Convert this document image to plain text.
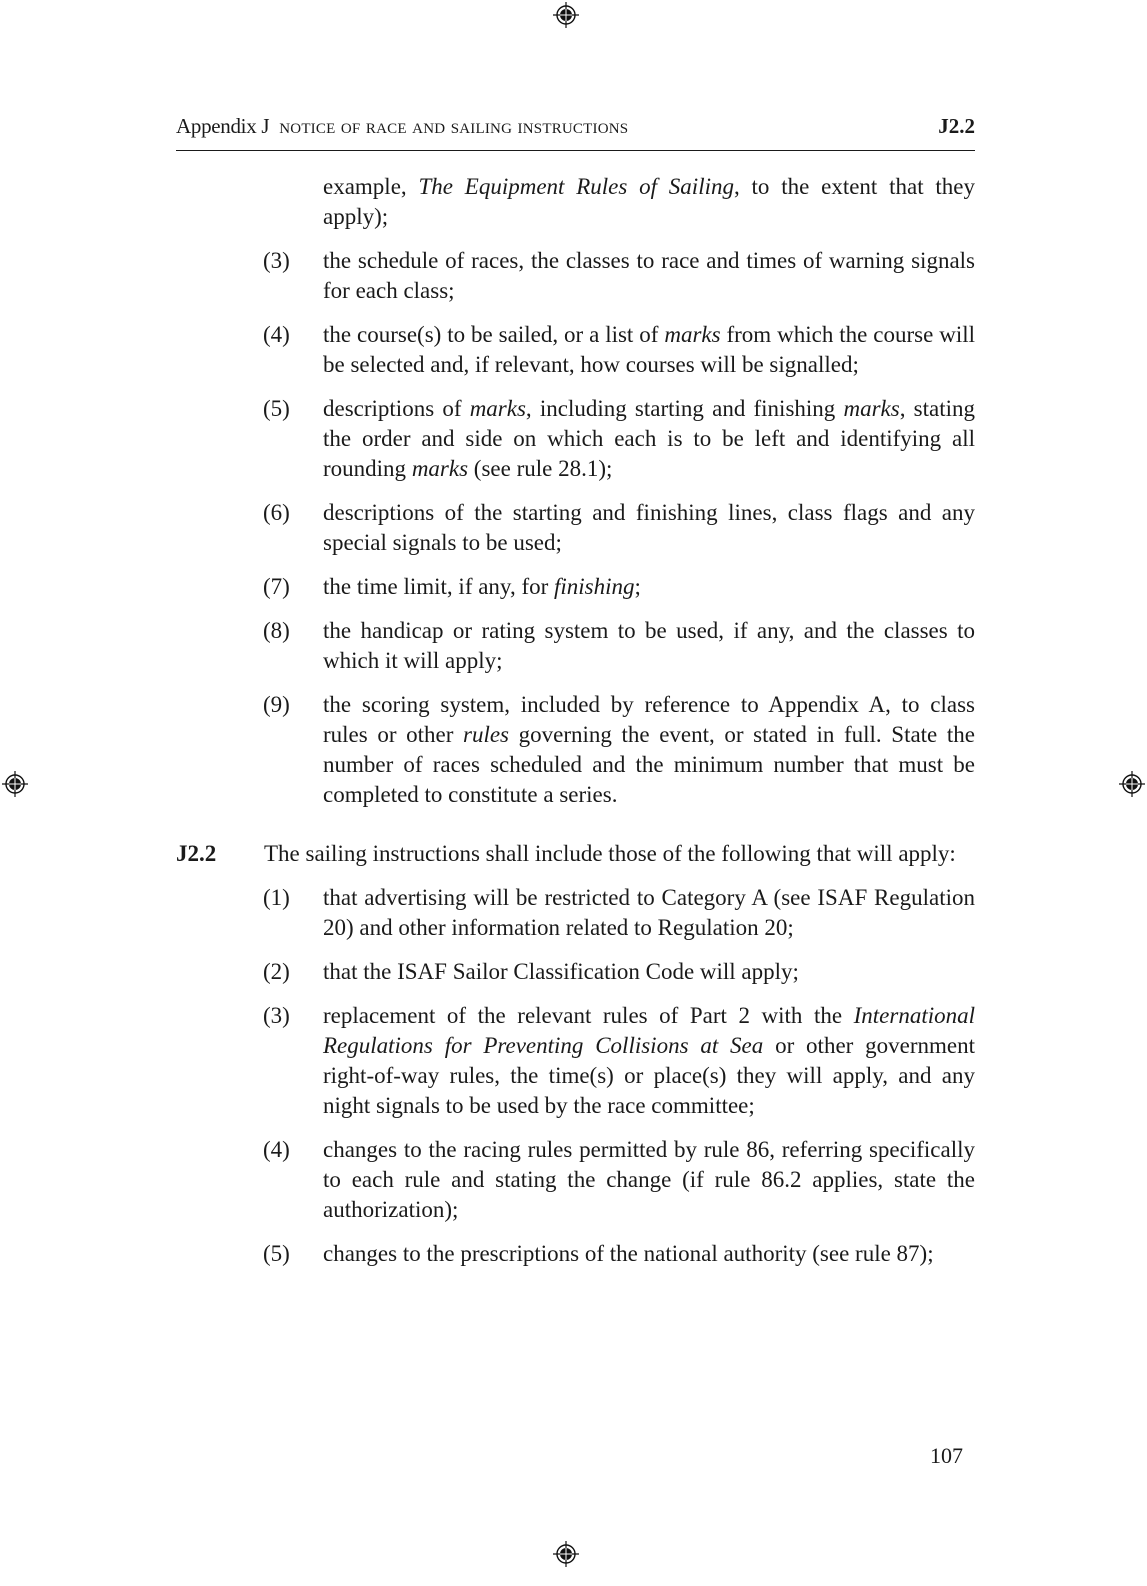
Appendix J notice of race and sailing instructions	J2.2
example, The Equipment Rules of Sailing, to the extent that they apply);
(3) the schedule of races, the classes to race and times of warning signals for each class;
(4) the course(s) to be sailed, or a list of marks from which the course will be selected and, if relevant, how courses will be signalled;
(5) descriptions of marks, including starting and finishing marks, stating the order and side on which each is to be left and identifying all rounding marks (see rule 28.1);
(6) descriptions of the starting and finishing lines, class flags and any special signals to be used;
(7) the time limit, if any, for finishing;
(8) the handicap or rating system to be used, if any, and the classes to which it will apply;
(9) the scoring system, included by reference to Appendix A, to class rules or other rules governing the event, or stated in full. State the number of races scheduled and the minimum number that must be completed to constitute a series.
J2.2 The sailing instructions shall include those of the following that will apply:
(1) that advertising will be restricted to Category A (see ISAF Regulation 20) and other information related to Regulation 20;
(2) that the ISAF Sailor Classification Code will apply;
(3) replacement of the relevant rules of Part 2 with the International Regulations for Preventing Collisions at Sea or other government right-of-way rules, the time(s) or place(s) they will apply, and any night signals to be used by the race committee;
(4) changes to the racing rules permitted by rule 86, referring specifically to each rule and stating the change (if rule 86.2 applies, state the authorization);
(5) changes to the prescriptions of the national authority (see rule 87);
107
